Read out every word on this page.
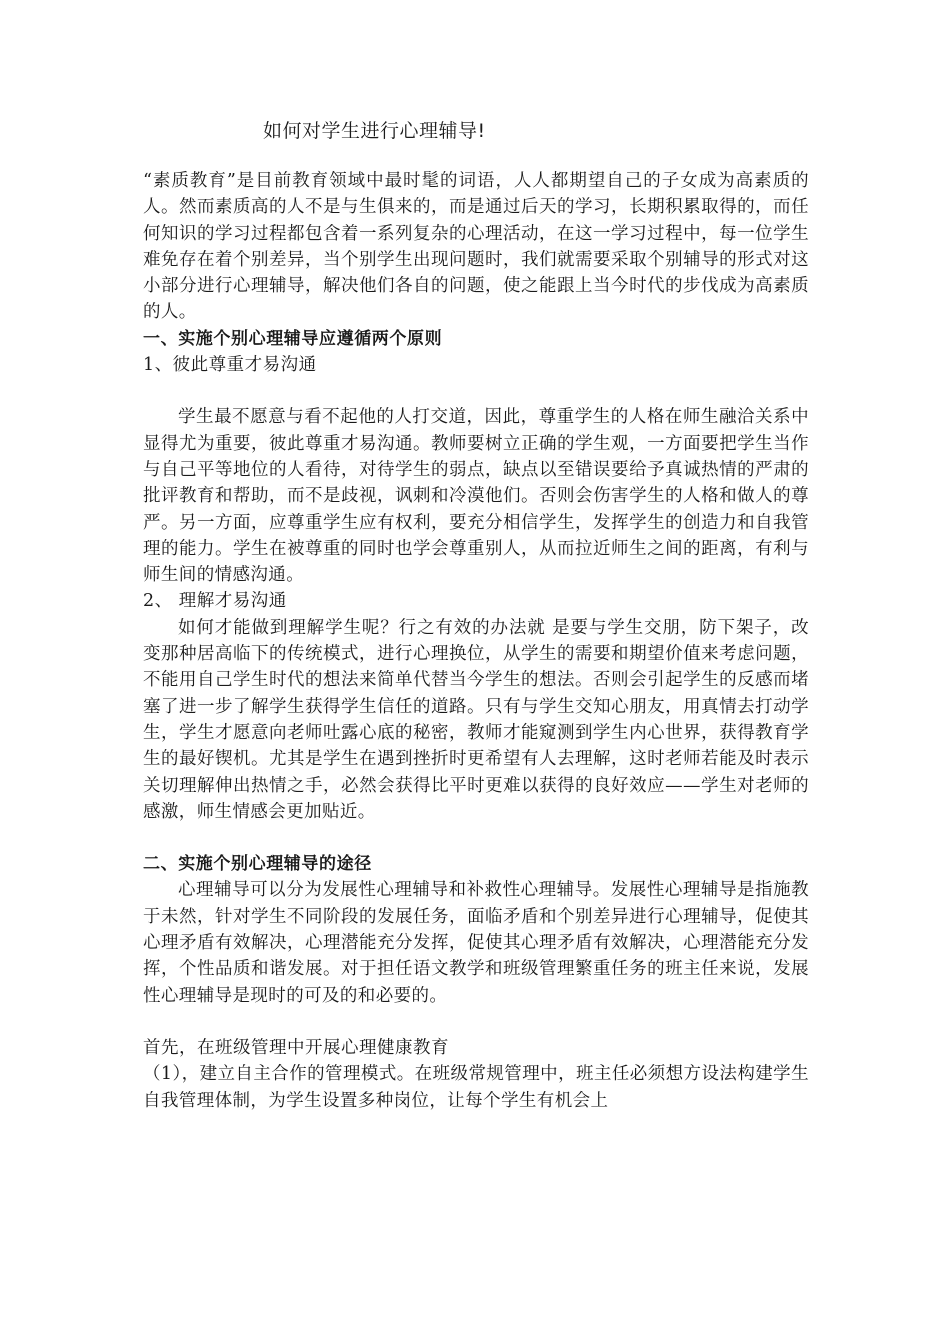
如何对学生进行心理辅导!

“素质教育”是目前教育领域中最时髦的词语，人人都期望自己的子女成为高素质的人。然而素质高的人不是与生俱来的，而是通过后天的学习，长期积累取得的，而任何知识的学习过程都包含着一系列复杂的心理活动，在这一学习过程中，每一位学生难免存在着个别差异，当个别学生出现问题时，我们就需要采取个别辅导的形式对这小部分进行心理辅导，解决他们各自的问题，使之能跟上当今时代的步伐成为高素质的人。

一、实施个别心理辅导应遵循两个原则

1、彼此尊重才易沟通

学生最不愿意与看不起他的人打交道，因此，尊重学生的人格在师生融洽关系中显得尤为重要，彼此尊重才易沟通。教师要树立正确的学生观，一方面要把学生当作与自己平等地位的人看待，对待学生的弱点，缺点以至错误要给予真诚热情的严肃的批评教育和帮助，而不是歧视，讽刺和冷漠他们。否则会伤害学生的人格和做人的尊严。另一方面，应尊重学生应有权利，要充分相信学生，发挥学生的创造力和自我管理的能力。学生在被尊重的同时也学会尊重别人，从而拉近师生之间的距离，有利与师生间的情感沟通。

2、 理解才易沟通

如何才能做到理解学生呢？行之有效的办法就 是要与学生交朋，防下架子，改变那种居高临下的传统模式，进行心理换位，从学生的需要和期望价值来考虑问题，不能用自己学生时代的想法来简单代替当今学生的想法。否则会引起学生的反感而堵塞了进一步了解学生获得学生信任的道路。只有与学生交知心朋友，用真情去打动学生，学生才愿意向老师吐露心底的秘密，教师才能窥测到学生内心世界，获得教育学生的最好锲机。尤其是学生在遇到挫折时更希望有人去理解，这时老师若能及时表示关切理解伸出热情之手，必然会获得比平时更难以获得的良好效应——学生对老师的感激，师生情感会更加贴近。

二、实施个别心理辅导的途径

心理辅导可以分为发展性心理辅导和补救性心理辅导。发展性心理辅导是指施教于未然，针对学生不同阶段的发展任务，面临矛盾和个别差异进行心理辅导，促使其心理矛盾有效解决，心理潜能充分发挥，促使其心理矛盾有效解决，心理潜能充分发挥，个性品质和谐发展。对于担任语文教学和班级管理繁重任务的班主任来说，发展性心理辅导是现时的可及的和必要的。

首先，在班级管理中开展心理健康教育

（1），建立自主合作的管理模式。在班级常规管理中，班主任必须想方设法构建学生自我管理体制，为学生设置多种岗位，让每个学生有机会上
